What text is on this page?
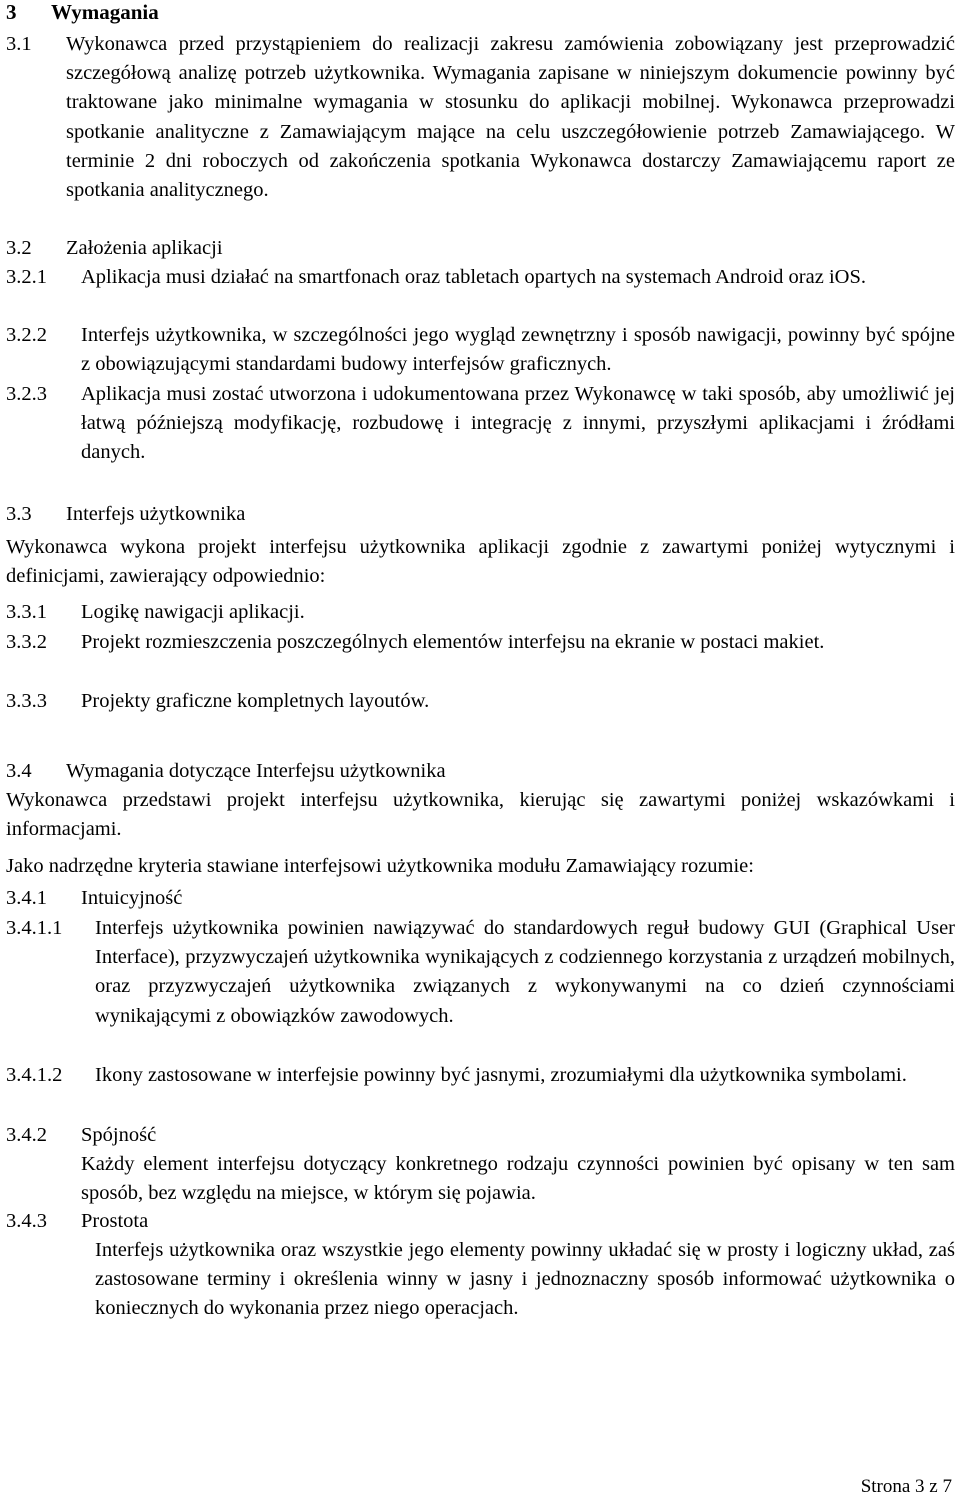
3 Wymagania
3.1 Wykonawca przed przystąpieniem do realizacji zakresu zamówienia zobowiązany jest przeprowadzić szczegółową analizę potrzeb użytkownika. Wymagania zapisane w niniejszym dokumencie powinny być traktowane jako minimalne wymagania w stosunku do aplikacji mobilnej. Wykonawca przeprowadzi spotkanie analityczne z Zamawiającym mające na celu uszczegółowienie potrzeb Zamawiającego. W terminie 2 dni roboczych od zakończenia spotkania Wykonawca dostarczy Zamawiającemu raport ze spotkania analitycznego.

3.2 Założenia aplikacji
3.2.1 Aplikacja musi działać na smartfonach oraz tabletach opartych na systemach Android oraz iOS.

3.2.2 Interfejs użytkownika, w szczególności jego wygląd zewnętrzny i sposób nawigacji, powinny być spójne z obowiązującymi standardami budowy interfejsów graficznych.

3.2.3 Aplikacja musi zostać utworzona i udokumentowana przez Wykonawcę w taki sposób, aby umożliwić jej łatwą późniejszą modyfikację, rozbudowę i integrację z innymi, przyszłymi aplikacjami i źródłami danych.

3.3 Interfejs użytkownika

Wykonawca wykona projekt interfejsu użytkownika aplikacji zgodnie z zawartymi poniżej wytycznymi i definicjami, zawierający odpowiednio:

3.3.1 Logikę nawigacji aplikacji.

3.3.2 Projekt rozmieszczenia poszczególnych elementów interfejsu na ekranie w postaci makiet.

3.3.3 Projekty graficzne kompletnych layoutów.

3.4 Wymagania dotyczące Interfejsu użytkownika

Wykonawca przedstawi projekt interfejsu użytkownika, kierując się zawartymi poniżej wskazówkami i informacjami.

Jako nadrzędne kryteria stawiane interfejsowi użytkownika modułu Zamawiający rozumie:

3.4.1 Intuicyjność
3.4.1.1 Interfejs użytkownika powinien nawiązywać do standardowych reguł budowy GUI (Graphical User Interface), przyzwyczajeń użytkownika wynikających z codziennego korzystania z urządzeń mobilnych, oraz przyzwyczajeń użytkownika związanych z wykonywanymi na co dzień czynnościami wynikającymi z obowiązków zawodowych.

3.4.1.2 Ikony zastosowane w interfejsie powinny być jasnymi, zrozumiałymi dla użytkownika symbolami.

3.4.2 Spójność

Każdy element interfejsu dotyczący konkretnego rodzaju czynności powinien być opisany w ten sam sposób, bez względu na miejsce, w którym się pojawia.

3.4.3 Prostota

Interfejs użytkownika oraz wszystkie jego elementy powinny układać się w prosty i logiczny układ, zaś zastosowane terminy i określenia winny w jasny i jednoznaczny sposób informować użytkownika o koniecznych do wykonania przez niego operacjach.

Strona 3 z 7
